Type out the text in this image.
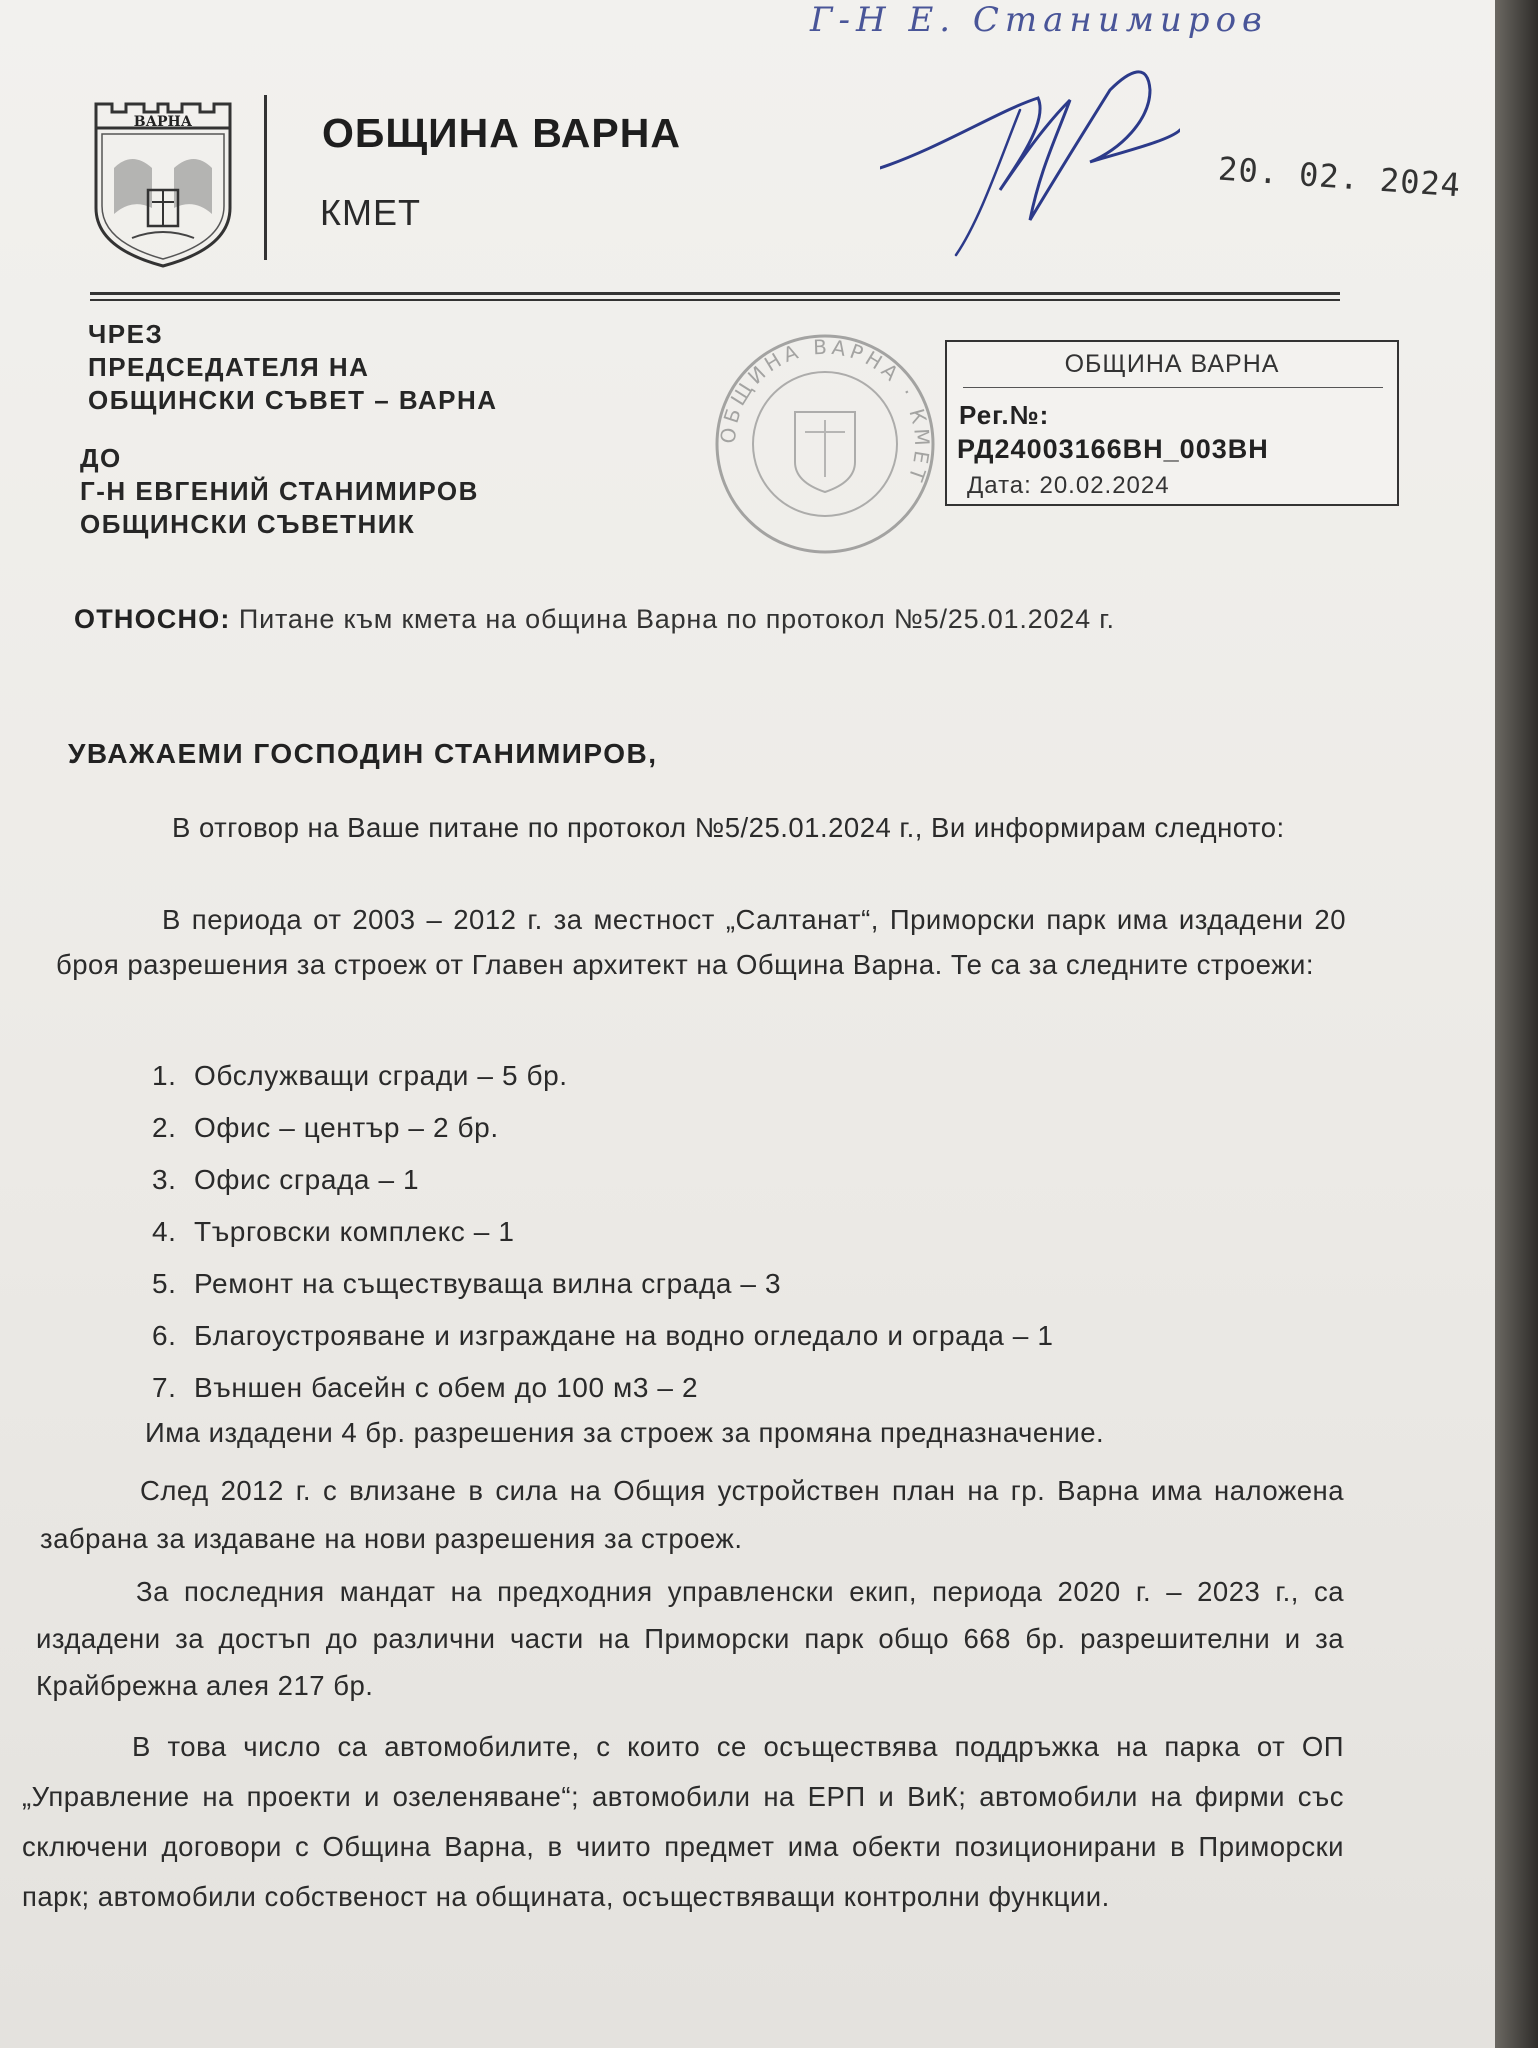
Г-Н Е. Станимиров
ВАРНА	ОБЩИНА ВАРНА
КМЕТ
20. 02. 2024
ЧРЕЗ
ПРЕДСЕДАТЕЛЯ НА
ОБЩИНСКИ СЪВЕТ – ВАРНА
ДО
Г-Н ЕВГЕНИЙ СТАНИМИРОВ
ОБЩИНСКИ СЪВЕТНИК
ОБЩИНА ВАРНА · КМЕТ
ОБЩИНА ВАРНА
Рег.№:
РД24003166ВН_003ВН
Дата: 20.02.2024
ОТНОСНО: Питане към кмета на община Варна по протокол №5/25.01.2024 г.
УВАЖАЕМИ ГОСПОДИН СТАНИМИРОВ,
В отговор на Ваше питане по протокол №5/25.01.2024 г., Ви информирам следното:
В периода от 2003 – 2012 г. за местност „Салтанат“, Приморски парк има издадени 20 броя разрешения за строеж от Главен архитект на Община Варна. Те са за следните строежи:
1. Обслужващи сгради – 5 бр.
2. Офис – център – 2 бр.
3. Офис сграда – 1
4. Търговски комплекс – 1
5. Ремонт на съществуваща вилна сграда – 3
6. Благоустрояване и изграждане на водно огледало и ограда – 1
7. Външен басейн с обем до 100 м3 – 2
Има издадени 4 бр. разрешения за строеж за промяна предназначение.
След 2012 г. с влизане в сила на Общия устройствен план на гр. Варна има наложена забрана за издаване на нови разрешения за строеж.
За последния мандат на предходния управленски екип, периода 2020 г. – 2023 г., са издадени за достъп до различни части на Приморски парк общо 668 бр. разрешителни и за Крайбрежна алея 217 бр.
В това число са автомобилите, с които се осъществява поддръжка на парка от ОП „Управление на проекти и озеленяване“; автомобили на ЕРП и ВиК; автомобили на фирми със сключени договори с Община Варна, в чиито предмет има обекти позиционирани в Приморски парк; автомобили собственост на общината, осъществяващи контролни функции.
